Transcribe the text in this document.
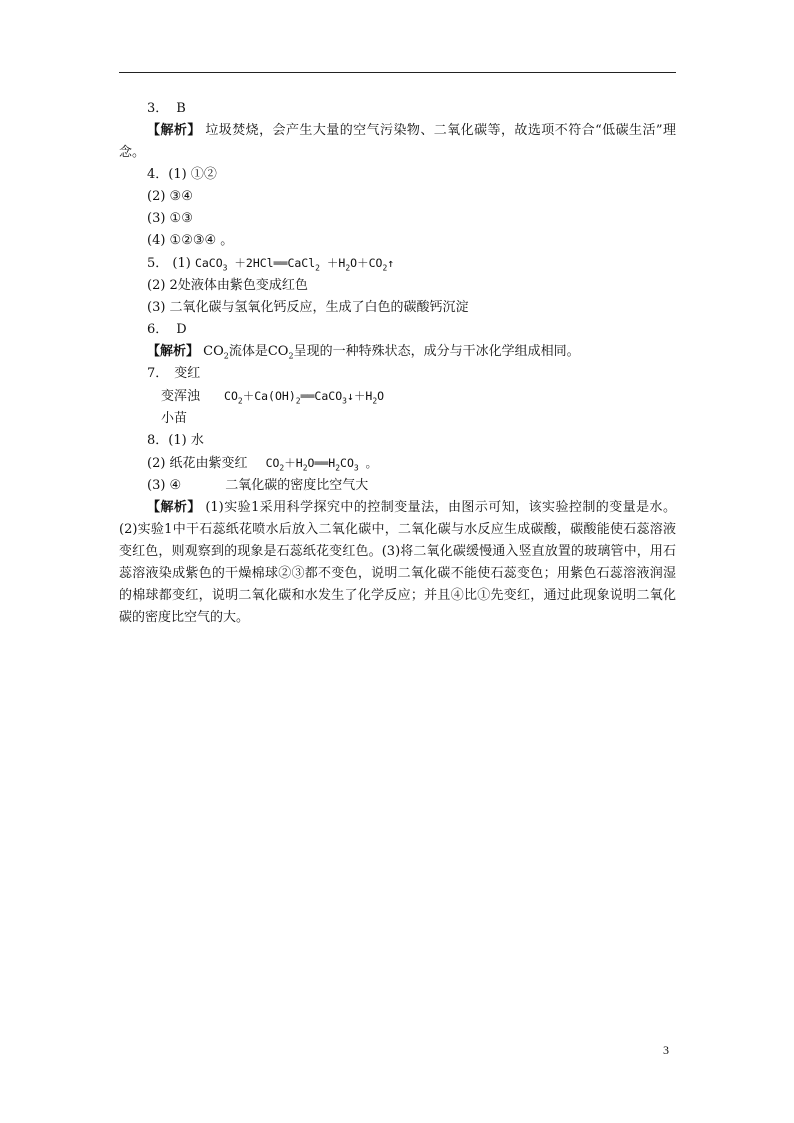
3． B
【解析】 垃圾焚烧，会产生大量的空气污染物、二氧化碳等，故选项不符合“低碳生活”理念。
4．(1) ①②
(2) ③④
(3) ①③
(4) ①②③④ 。
5． (1) CaCO$_3$ ＋2HCl══CaCl$_2$ $+H_2O+CO_2↑$
(2) 2处液体由紫色变成红色
(3) 二氧化碳与氢氧化钙反应，生成了白色的碳酸钙沉淀
6． D
【解析】 $CO_2$流体是$CO_2$呈现的一种特殊状态，成分与干冰化学组成相同。
7． 变红
变浑浊 $CO_2+Ca(OH)_2══CaCO_3↓+H_2O$
小苗
8．(1) 水
(2) 纸花由紫变红 $CO_2+H_2O══H_2CO_3$ 。
(3) ④	二氧化碳的密度比空气大
【解析】 (1)实验1采用科学探究中的控制变量法，由图示可知，该实验控制的变量是水。(2)实验1中干石蕊纸花喷水后放入二氧化碳中，二氧化碳与水反应生成碳酸，碳酸能使石蕊溶液变红色，则观察到的现象是石蕊纸花变红色。(3)将二氧化碳缓慢通入竖直放置的玻璃管中，用石蕊溶液染成紫色的干燥棉球②③都不变色，说明二氧化碳不能使石蕊变色；用紫色石蕊溶液润湿的棉球都变红，说明二氧化碳和水发生了化学反应；并且④比①先变红，通过此现象说明二氧化碳的密度比空气的大。
3
